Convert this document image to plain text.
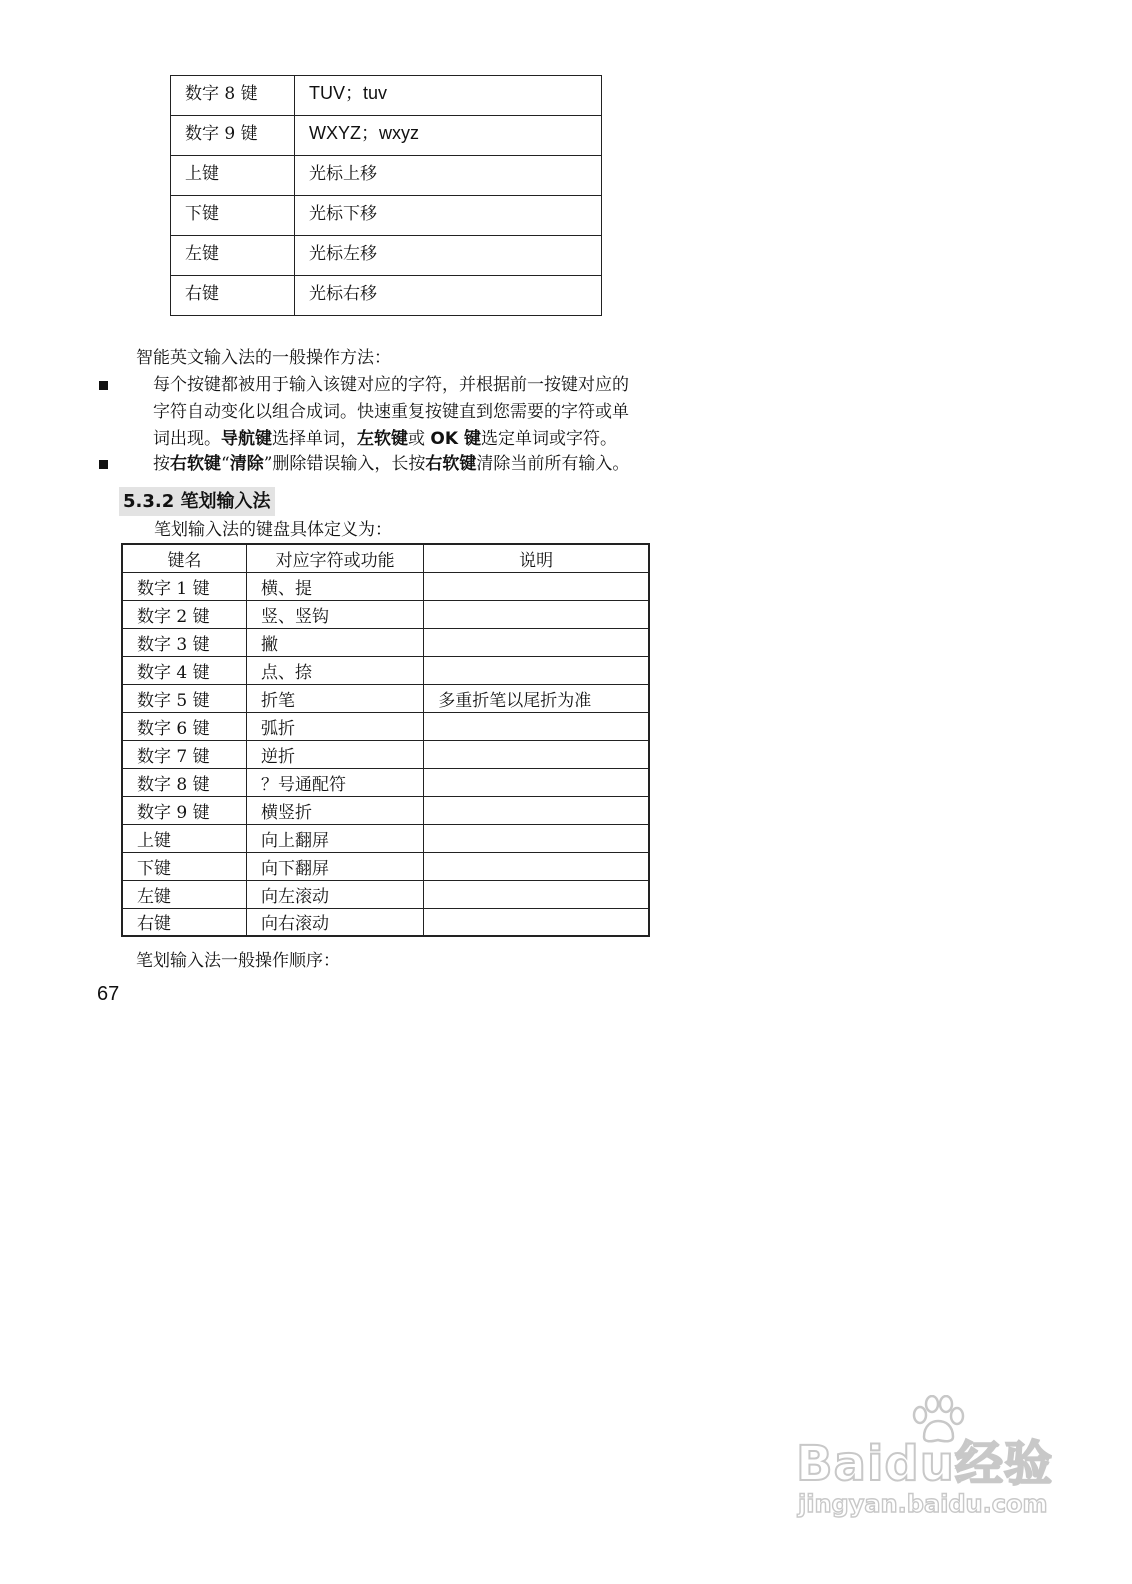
数字 8 键	TUV；tuv
数字 9 键	WXYZ；wxyz
上键	光标上移
下键	光标下移
左键	光标左移
右键	光标右移
智能英文输入法的一般操作方法：
每个按键都被用于输入该键对应的字符，并根据前一按键对应的
字符自动变化以组合成词。快速重复按键直到您需要的字符或单
词出现。导航键选择单词，左软键或 OK 键选定单词或字符。
按右软键“清除”删除错误输入，长按右软键清除当前所有输入。
5.3.2 笔划输入法
笔划输入法的键盘具体定义为：
键名	对应字符或功能	说明
数字 1 键	横、提	
数字 2 键	竖、竖钩	
数字 3 键	撇	
数字 4 键	点、捺	
数字 5 键	折笔	多重折笔以尾折为准
数字 6 键	弧折	
数字 7 键	逆折	
数字 8 键	？号通配符	
数字 9 键	横竖折	
上键	向上翻屏	
下键	向下翻屏	
左键	向左滚动	
右键	向右滚动	
笔划输入法一般操作顺序：
67
Baidu经验
jingyan.baidu.com
